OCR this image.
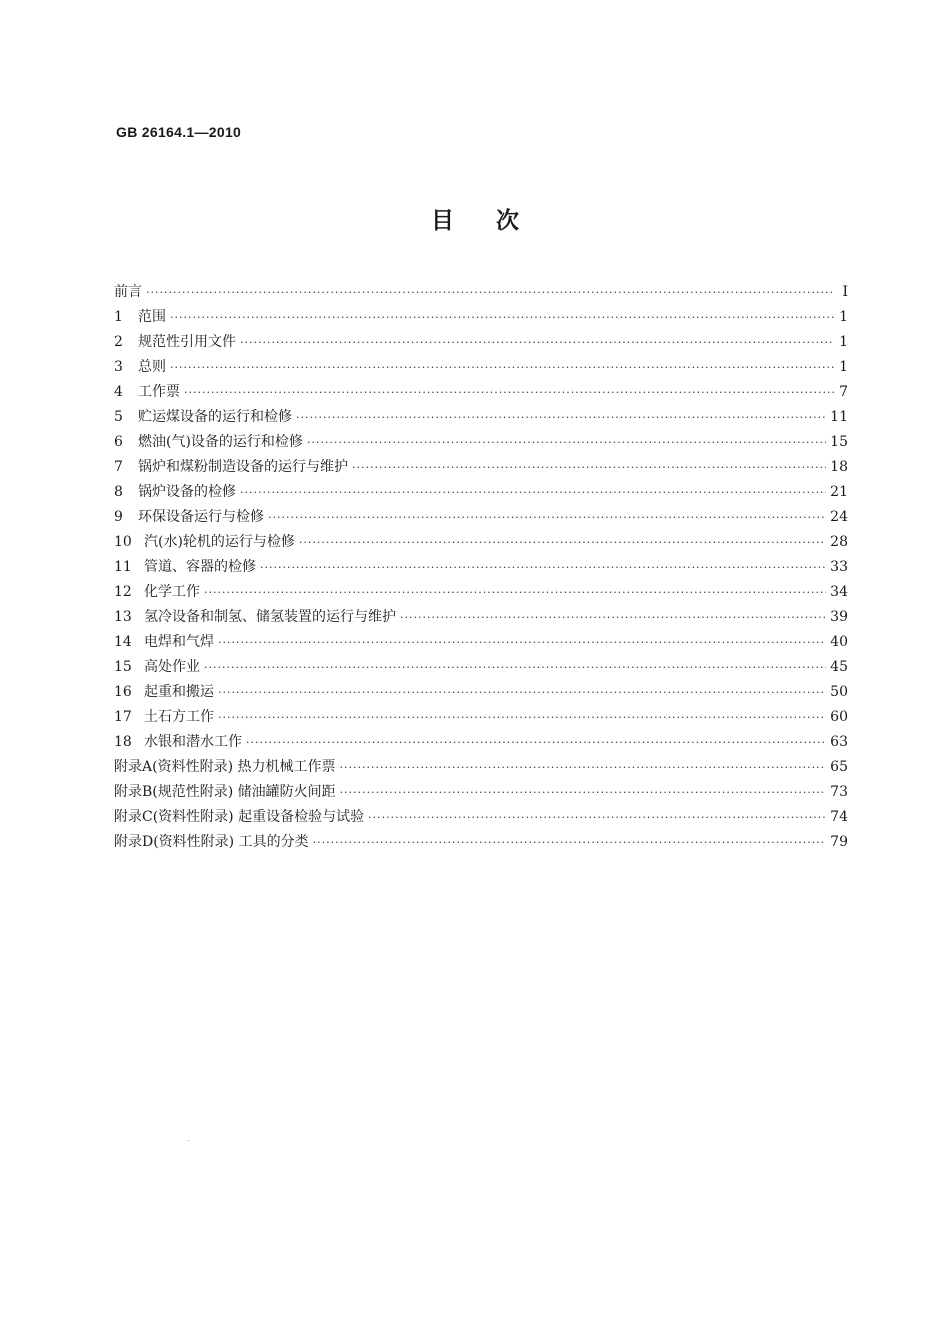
GB 26164.1—2010
目次
前言 ·····	Ⅰ
1	范围 ·····	1
2	规范性引用文件 ·····	1
3	总则 ·····	1
4	工作票 ·····	7
5	贮运煤设备的运行和检修 ·····	11
6	燃油(气)设备的运行和检修 ·····	15
7	锅炉和煤粉制造设备的运行与维护 ·····	18
8	锅炉设备的检修 ·····	21
9	环保设备运行与检修 ·····	24
10 汽(水)轮机的运行与检修 ·····	28
11 管道、容器的检修 ·····	33
12 化学工作 ·····	34
13 氢冷设备和制氢、储氢装置的运行与维护 ·····	39
14 电焊和气焊 ·····	40
15 高处作业 ·····	45
16 起重和搬运 ·····	50
17 土石方工作 ·····	60
18 水银和潜水工作 ·····	63
附录A(资料性附录) 热力机械工作票 ·····	65
附录B(规范性附录) 储油罐防火间距 ·····	73
附录C(资料性附录) 起重设备检验与试验 ·····	74
附录D(资料性附录) 工具的分类 ·····	79
